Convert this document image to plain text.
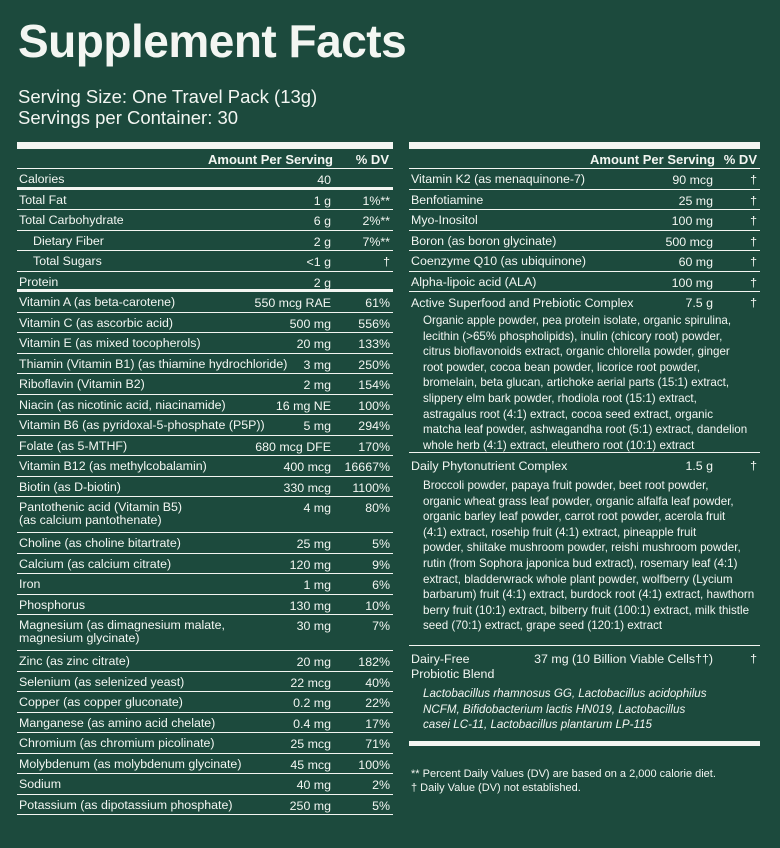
Supplement Facts
Serving Size: One Travel Pack (13g)
Servings per Container: 30
Amount Per Serving % DV
Calories	40
Total Fat	1 g	1%**
Total Carbohydrate	6 g	2%**
Dietary Fiber	2 g	7%**
Total Sugars	<1 g	†
Protein	2 g
Vitamin A (as beta-carotene)	550 mcg RAE	61%
Vitamin C (as ascorbic acid)	500 mg 556%
Vitamin E (as mixed tocopherols)	20 mg 133%
Thiamin (Vitamin B1) (as thiamine hydrochloride) 3 mg 250%
Riboflavin (Vitamin B2)	2 mg 154%
Niacin (as nicotinic acid, niacinamide)	16 mg NE 100%
Vitamin B6 (as pyridoxal-5-phosphate (P5P))	5 mg 294%
Folate (as 5-MTHF)	680 mcg DFE 170%
Vitamin B12 (as methylcobalamin)	400 mcg 16667%
Biotin (as D-biotin)	330 mcg 1100%
Pantothenic acid (Vitamin B5)
(as calcium pantothenate)
4 mg	80%
Choline (as choline bitartrate)	25 mg	5%
Calcium (as calcium citrate)	120 mg	9%
Iron	1 mg	6%
Phosphorus	130 mg	10%
Magnesium (as dimagnesium malate,
magnesium glycinate)
30 mg	7%
Zinc (as zinc citrate)	20 mg 182%
Selenium (as selenized yeast)	22 mcg	40%
Copper (as copper gluconate)	0.2 mg	22%
Manganese (as amino acid chelate)	0.4 mg	17%
Chromium (as chromium picolinate)	25 mcg	71%
Molybdenum (as molybdenum glycinate)	45 mcg 100%
Sodium	40 mg	2%
Potassium (as dipotassium phosphate)	250 mg	5%
Amount Per Serving % DV
Vitamin K2 (as menaquinone-7)	90 mcg	†
Benfotiamine	25 mg	†
Myo-Inositol	100 mg	†
Boron (as boron glycinate)	500 mcg	†
Coenzyme Q10 (as ubiquinone)	60 mg	†
Alpha-lipoic acid (ALA)	100 mg	†
Active Superfood and Prebiotic Complex	7.5 g	†
Organic apple powder, pea protein isolate, organic spirulina,
lecithin (>65% phospholipids), inulin (chicory root) powder,
citrus bioflavonoids extract, organic chlorella powder, ginger
root powder, cocoa bean powder, licorice root powder,
bromelain, beta glucan, artichoke aerial parts (15:1) extract,
slippery elm bark powder, rhodiola root (15:1) extract,
astragalus root (4:1) extract, cocoa seed extract, organic
matcha leaf powder, ashwagandha root (5:1) extract, dandelion
whole herb (4:1) extract, eleuthero root (10:1) extract
Daily Phytonutrient Complex	1.5 g	†
Broccoli powder, papaya fruit powder, beet root powder,
organic wheat grass leaf powder, organic alfalfa leaf powder,
organic barley leaf powder, carrot root powder, acerola fruit
(4:1) extract, rosehip fruit (4:1) extract, pineapple fruit
powder, shiitake mushroom powder, reishi mushroom powder,
rutin (from Sophora japonica bud extract), rosemary leaf (4:1)
extract, bladderwrack whole plant powder, wolfberry (Lycium
barbarum) fruit (4:1) extract, burdock root (4:1) extract, hawthorn
berry fruit (10:1) extract, bilberry fruit (100:1) extract, milk thistle
seed (70:1) extract, grape seed (120:1) extract
Dairy-Free
Probiotic Blend
37 mg (10 Billion Viable Cells††)	†
Lactobacillus rhamnosus GG, Lactobacillus acidophilus
NCFM, Bifidobacterium lactis HN019, Lactobacillus
casei LC-11, Lactobacillus plantarum LP-115
** Percent Daily Values (DV) are based on a 2,000 calorie diet.
† Daily Value (DV) not established.
